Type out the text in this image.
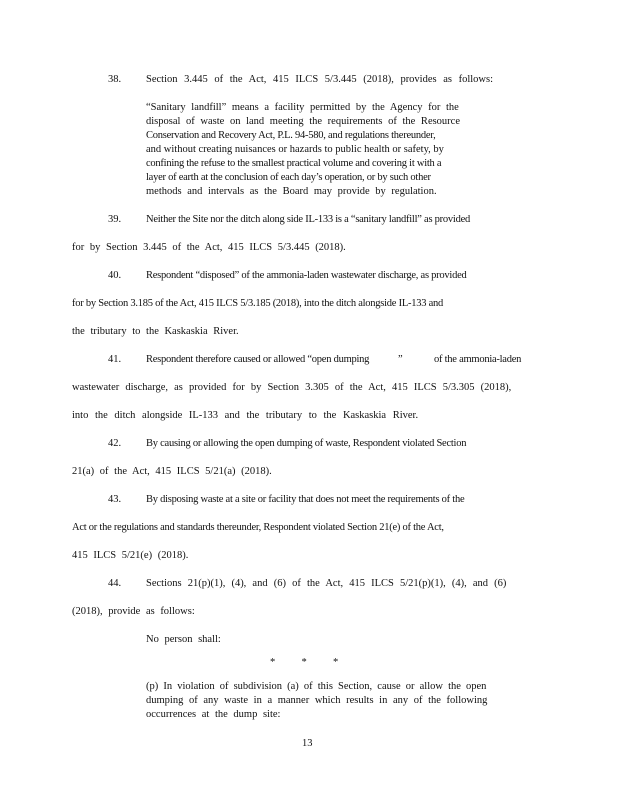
38. Section 3.445 of the Act, 415 ILCS 5/3.445 (2018), provides as follows:
“Sanitary landfill” means a facility permitted by the Agency for the
disposal of waste on land meeting the requirements of the Resource
Conservation and Recovery Act, P.L. 94-580, and regulations thereunder,
and without creating nuisances or hazards to public health or safety, by
confining the refuse to the smallest practical volume and covering it with a
layer of earth at the conclusion of each day’s operation, or by such other
methods and intervals as the Board may provide by regulation.
39. Neither the Site nor the ditch along side IL-133 is a “sanitary landfill” as provided
for by Section 3.445 of the Act, 415 ILCS 5/3.445 (2018).
40. Respondent “disposed” of the ammonia-laden wastewater discharge, as provided
for by Section 3.185 of the Act, 415 ILCS 5/3.185 (2018), into the ditch alongside IL-133 and
the tributary to the Kaskaskia River.
41. Respondent therefore caused or allowed “open dumping	”	of the ammonia-laden
wastewater discharge, as provided for by Section 3.305 of the Act, 415 ILCS 5/3.305 (2018),
into the ditch alongside IL-133 and the tributary to the Kaskaskia River.
42. By causing or allowing the open dumping of waste, Respondent violated Section
21(a) of the Act, 415 ILCS 5/21(a) (2018).
43. By disposing waste at a site or facility that does not meet the requirements of the
Act or the regulations and standards thereunder, Respondent violated Section 21(e) of the Act,
415 ILCS 5/21(e) (2018).
44. Sections 21(p)(1), (4), and (6) of the Act, 415 ILCS 5/21(p)(1), (4), and (6)
(2018), provide as follows:
No person shall:
*          *          *
(p) In violation of subdivision (a) of this Section, cause or allow the open
dumping of any waste in a manner which results in any of the following
occurrences at the dump site:
13
